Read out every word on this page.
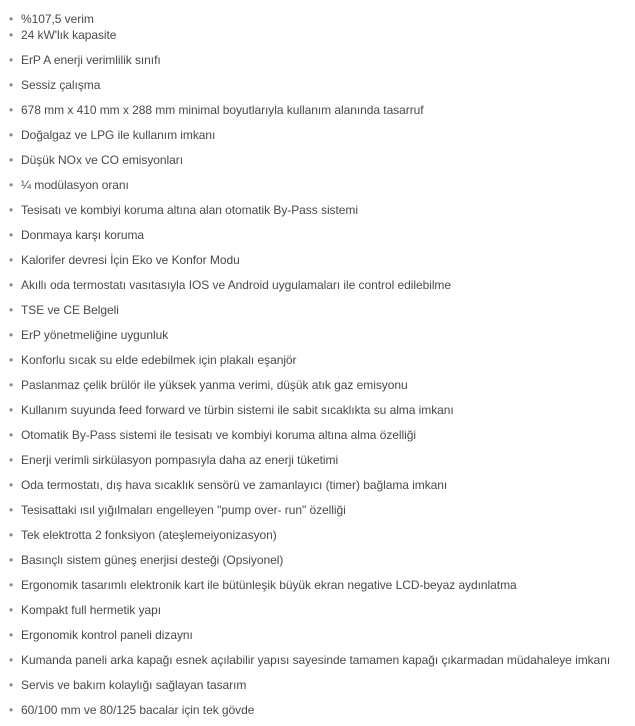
• %107,5 verim
• 24 kW'lık kapasite
• ErP A enerji verimlilik sınıfı
• Sessiz çalışma
• 678 mm x 410 mm x 288 mm minimal boyutlarıyla kullanım alanında tasarruf
• Doğalgaz ve LPG ile kullanım imkanı
• Düşük NOx ve CO emisyonları
• ¼ modülasyon oranı
• Tesisatı ve kombiyi koruma altına alan otomatik By-Pass sistemi
• Donmaya karşı koruma
• Kalorifer devresi İçin Eko ve Konfor Modu
• Akıllı oda termostatı vasıtasıyla IOS ve Android uygulamaları ile control edilebilme
• TSE ve CE Belgeli
• ErP yönetmeliğine uygunluk
• Konforlu sıcak su elde edebilmek için plakalı eşanjör
• Paslanmaz çelik brülör ile yüksek yanma verimi, düşük atık gaz emisyonu
• Kullanım suyunda feed forward ve türbin sistemi ile sabit sıcaklıkta su alma imkanı
• Otomatik By-Pass sistemi ile tesisatı ve kombiyi koruma altına alma özelliği
• Enerji verimli sirkülasyon pompasıyla daha az enerji tüketimi
• Oda termostatı, dış hava sıcaklık sensörü ve zamanlayıcı (timer) bağlama imkanı
• Tesisattaki ısıl yığılmaları engelleyen "pump over- run" özelliği
• Tek elektrotta 2 fonksiyon (ateşlemeiyonizasyon)
• Basınçlı sistem güneş enerjisi desteği (Opsiyonel)
• Ergonomik tasarımlı elektronik kart ile bütünleşik büyük ekran negative LCD-beyaz aydınlatma
• Kompakt full hermetik yapı
• Ergonomik kontrol paneli dizaynı
• Kumanda paneli arka kapağı esnek açılabilir yapısı sayesinde tamamen kapağı çıkarmadan müdahaleye imkanı
• Servis ve bakım kolaylığı sağlayan tasarım
• 60/100 mm ve 80/125 bacalar için tek gövde
